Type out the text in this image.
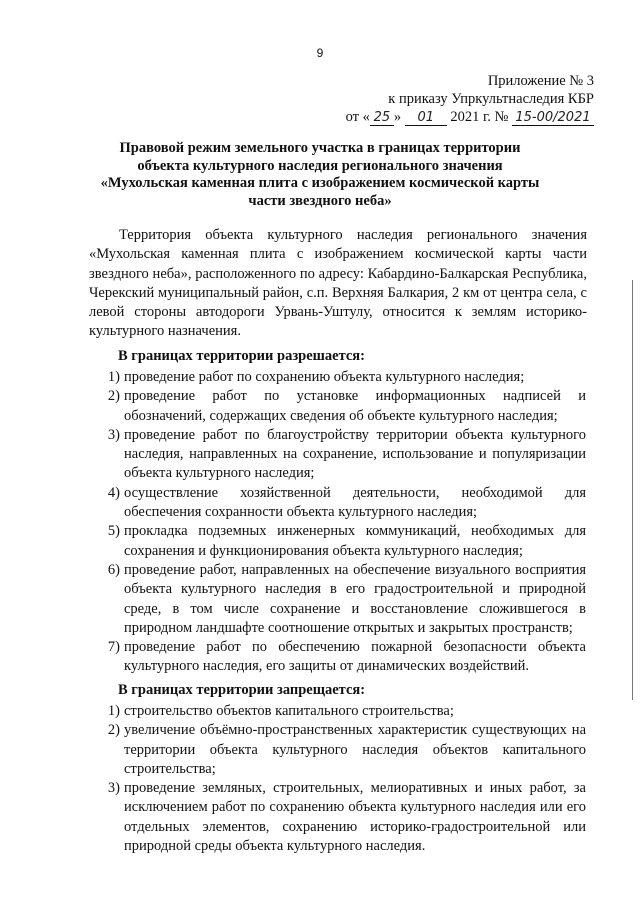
9
Приложение № 3
к приказу Упркультнаследия КБР
от « 25 » 01 2021 г. № 15-00/2021
Правовой режим земельного участка в границах территории
объекта культурного наследия регионального значения
«Мухольская каменная плита с изображением космической карты
части звездного неба»
Территория объекта культурного наследия регионального значения «Мухольская каменная плита с изображением космической карты части звездного неба», расположенного по адресу: Кабардино-Балкарская Республика, Черекский муниципальный район, с.п. Верхняя Балкария, 2 км от центра села, с левой стороны автодороги Урвань-Уштулу, относится к землям историко-культурного назначения.
В границах территории разрешается:
1) проведение работ по сохранению объекта культурного наследия;
2) проведение работ по установке информационных надписей и обозначений, содержащих сведения об объекте культурного наследия;
3) проведение работ по благоустройству территории объекта культурного наследия, направленных на сохранение, использование и популяризации объекта культурного наследия;
4) осуществление хозяйственной деятельности, необходимой для обеспечения сохранности объекта культурного наследия;
5) прокладка подземных инженерных коммуникаций, необходимых для сохранения и функционирования объекта культурного наследия;
6) проведение работ, направленных на обеспечение визуального восприятия объекта культурного наследия в его градостроительной и природной среде, в том числе сохранение и восстановление сложившегося в природном ландшафте соотношение открытых и закрытых пространств;
7) проведение работ по обеспечению пожарной безопасности объекта культурного наследия, его защиты от динамических воздействий.
В границах территории запрещается:
1) строительство объектов капитального строительства;
2) увеличение объёмно-пространственных характеристик существующих на территории объекта культурного наследия объектов капитального строительства;
3) проведение земляных, строительных, мелиоративных и иных работ, за исключением работ по сохранению объекта культурного наследия или его отдельных элементов, сохранению историко-градостроительной или природной среды объекта культурного наследия.
